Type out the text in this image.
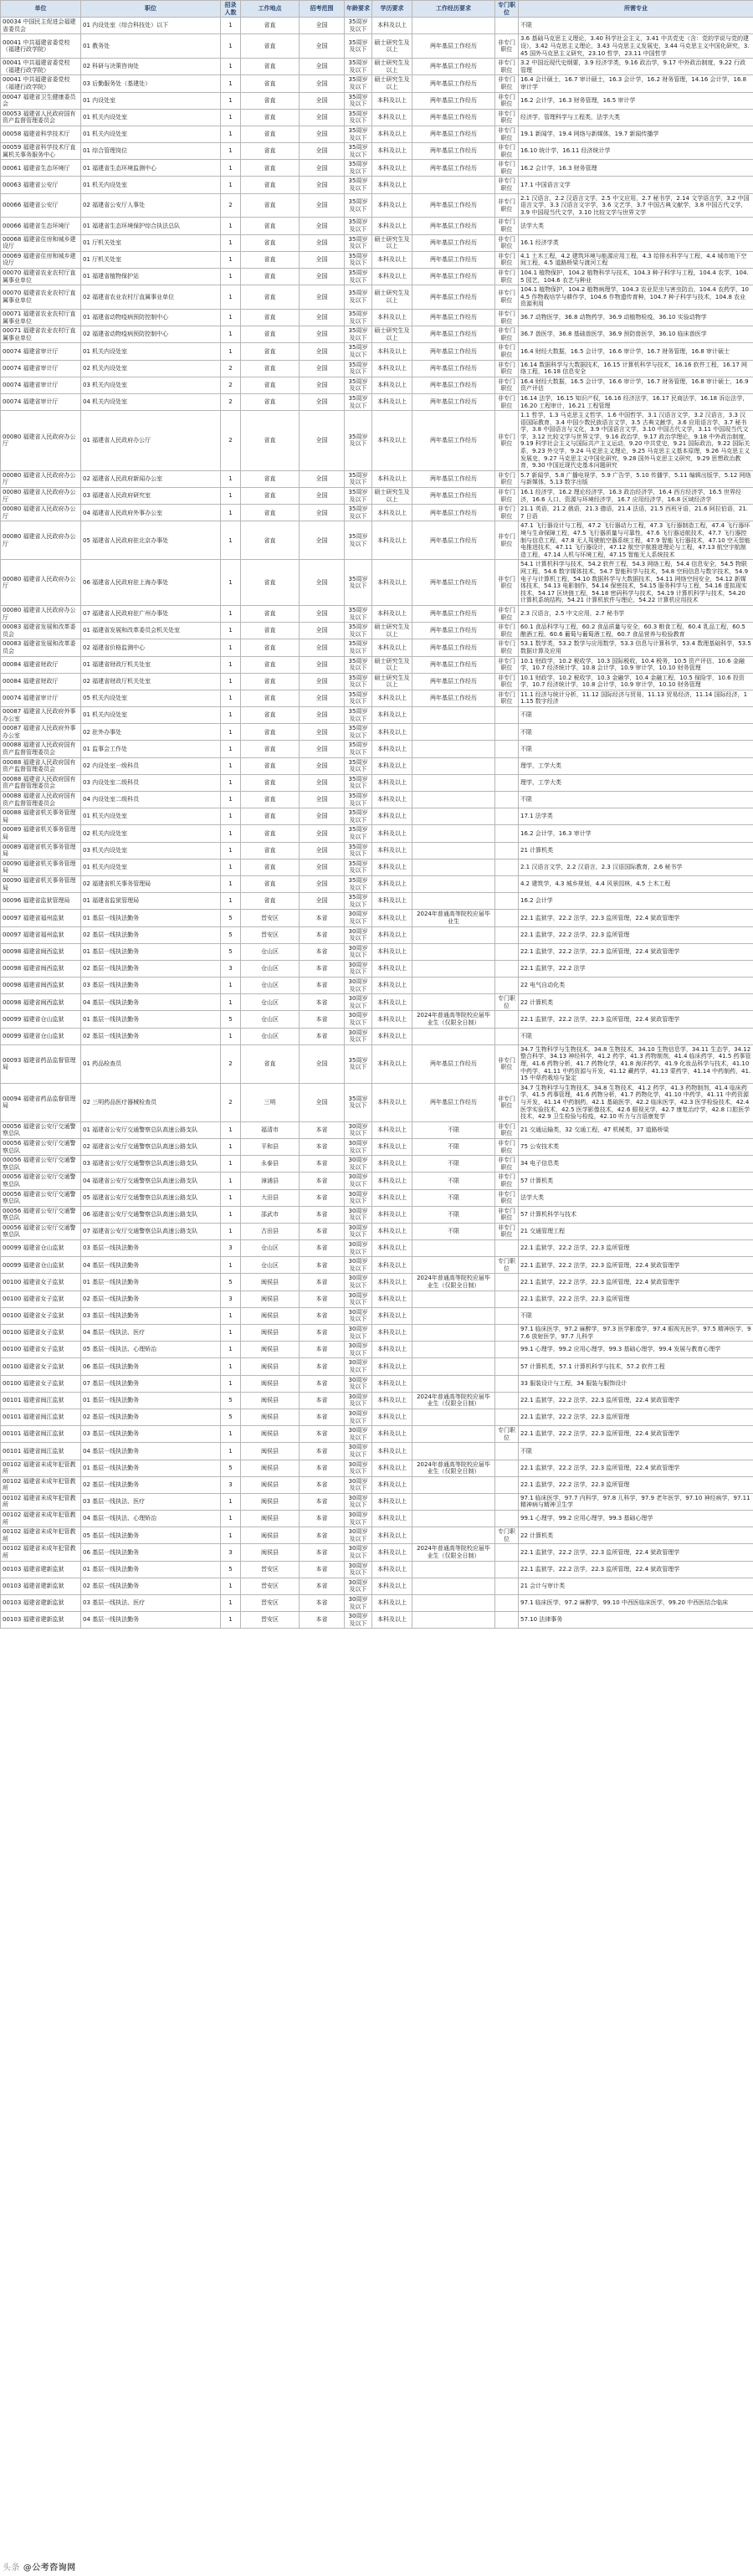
单位	职位	招录人数	工作地点	招考范围	年龄要求	学历要求	工作经历要求	专门职位	所需专业
00034 中国民主促进会福建省委员会	01 内设处室（综合科技处）以下	1	省直	全国	35周岁及以下	本科及以上			不限
00041 中共福建省委党校（福建行政学院）	01 教务处	1	省直	全国	35周岁及以下	硕士研究生及以上	两年基层工作经历	非专门职位	3.6 基础马克思主义理论，3.40 科学社会主义，3.41 中共党史（含：党的学说与党的建设），3.42 马克思主义理论，3.43 马克思主义发展史，3.44 马克思主义中国化研究，3.45 国外马克思主义研究，23.10 哲学，23.11 中国哲学
00041 中共福建省委党校（福建行政学院）	02 科研与决策咨询处	1	省直	全国	35周岁及以下	硕士研究生及以上	两年基层工作经历	非专门职位	3.2 中国近现代史纲要，3.9 经济学类，9.16 政治学，9.17 中外政治制度，9.22 行政管理
00041 中共福建省委党校（福建行政学院）	03 后勤服务处（基建处）	1	省直	全国	35周岁及以下	硕士研究生及以上	两年基层工作经历	非专门职位	16.4 会计硕士，16.7 审计硕士，16.3 会计学，16.2 财务管理，14.16 会计学，16.8 审计学
00047 福建省卫生健康委员会	01 内设处室	1	省直	全国	35周岁及以下	本科及以上	两年基层工作经历	非专门职位	16.2 会计学，16.3 财务管理，16.5 审计学
00053 福建省人民政府国有资产监督管理委员会	01 机关内设处室	1	省直	全国	35周岁及以下	本科及以上	两年基层工作经历	非专门职位	经济学，管理科学与工程类，法学大类
00058 福建省科学技术厅	01 机关内设处室	1	省直	全国	35周岁及以下	本科及以上	两年基层工作经历	非专门职位	19.1 新闻学，19.4 网络与新媒体，19.7 新闻传播学
00059 福建省科学技术厅直属机关事务服务中心	01 综合管理岗位	1	省直	全国	35周岁及以下	本科及以上	两年基层工作经历	非专门职位	16.10 统计学，16.11 经济统计学
00061 福建省生态环境厅	01 福建省生态环境监测中心	1	省直	全国	35周岁及以下	本科及以上	两年基层工作经历	非专门职位	16.2 会计学，16.3 财务管理
00063 福建省公安厅	01 机关内设处室	1	省直	全国	35周岁及以下	本科及以上		非专门职位	17.1 中国语言文学
00066 福建省公安厅	02 福建省公安厅人事处	2	省直	全国	35周岁及以下	本科及以上	两年基层工作经历	非专门职位	2.1 汉语言，2.2 汉语言文学，2.5 中文应用，2.7 秘书学，2.14 文学语言学，3.2 中国语言文学，3.3 汉语言文字学，3.6 文艺学，3.7 中国古典文献学，3.8 中国古代文学，3.9 中国现当代文学，3.10 比较文学与世界文学
00066 福建省生态环境厅	01 福建省生态环境保护综合执法总队	1	省直	全国	35周岁及以下	本科及以上	两年基层工作经历	非专门职位	法学大类
00068 福建省住房和城乡建设厅	01 厅机关处室	1	省直	全国	35周岁及以下	硕士研究生及以上	两年基层工作经历	非专门职位	16.1 经济学类
00069 福建省住房和城乡建设厅	01 厅机关处室	1	省直	全国	35周岁及以下	本科及以上	两年基层工作经历	非专门职位	4.1 土木工程，4.2 建筑环境与能源应用工程，4.3 给排水科学与工程，4.4 城市地下空间工程，4.5 道路桥梁与渡河工程
00070 福建省农业农村厅直属事业单位	01 福建省植物保护站	1	省直	全国	35周岁及以下	本科及以上	两年基层工作经历	非专门职位	104.1 植物保护，104.2 植物科学与技术，104.3 种子科学与工程，104.4 农学，104.5 园艺，104.6 农艺与种业
00070 福建省农业农村厅直属事业单位	02 福建省农业农村厅直属事业单位	1	省直	全国	35周岁及以下	硕士研究生及以上	两年基层工作经历	非专门职位	104.1 植物保护，104.2 植物病理学，104.3 农业昆虫与害虫防治，104.4 农药学，104.5 作物栽培学与耕作学，104.6 作物遗传育种，104.7 种子科学与技术，104.8 农业资源利用
00071 福建省农业农村厅直属事业单位	01 福建省动物疫病预防控制中心	1	省直	全国	35周岁及以下	本科及以上	两年基层工作经历	非专门职位	36.7 动物医学，36.8 动物药学，36.9 动植物检疫，36.10 实验动物学
00071 福建省农业农村厅直属事业单位	02 福建省动物疫病预防控制中心	1	省直	全国	35周岁及以下	硕士研究生及以上	两年基层工作经历	非专门职位	36.7 兽医学，36.8 基础兽医学，36.9 预防兽医学，36.10 临床兽医学
00074 福建省审计厅	01 机关内设处室	1	省直	全国	35周岁及以下	本科及以上	两年基层工作经历	非专门职位	16.4 财经大数据，16.5 会计学，16.6 审计学，16.7 财务管理，16.8 审计硕士
00074 福建省审计厅	02 机关内设处室	2	省直	全国	35周岁及以下	本科及以上	两年基层工作经历	非专门职位	16.14 数据科学与大数据技术，16.15 计算机科学与技术，16.16 软件工程，16.17 网络工程，16.18 信息安全
00074 福建省审计厅	03 机关内设处室	2	省直	全国	35周岁及以下	本科及以上	两年基层工作经历	非专门职位	16.4 财经大数据，16.5 会计学，16.6 审计学，16.7 财务管理，16.8 审计硕士，16.9 资产评估
00074 福建省审计厅	04 机关内设处室	2	省直	全国	35周岁及以下	本科及以上	两年基层工作经历	非专门职位	16.14 法学，16.15 知识产权，16.16 经济法学，16.17 民商法学，16.18 诉讼法学，16.20 工程审计，16.21 工程管理
00080 福建省人民政府办公厅	01 福建省人民政府办公厅	2	省直	全国	35周岁及以下	本科及以上	两年基层工作经历	非专门职位	1.1 哲学，1.3 马克思主义哲学，1.6 中国哲学，3.1 汉语言文学，3.2 汉语言，3.3 汉语国际教育，3.4 中国少数民族语言文学，3.5 古典文献学，3.6 应用语言学，3.7 秘书学，3.8 中国语言与文化，3.9 中国语言文学，3.10 中国古代文学，3.11 中国现当代文学，3.12 比较文学与世界文学，9.16 政治学，9.17 政治学理论，9.18 中外政治制度，9.19 科学社会主义与国际共产主义运动，9.20 中共党史，9.21 国际政治，9.22 国际关系，9.23 外交学，9.24 马克思主义理论，9.25 马克思主义基本原理，9.26 马克思主义发展史，9.27 马克思主义中国化研究，9.28 国外马克思主义研究，9.29 思想政治教育，9.30 中国近现代史基本问题研究
00080 福建省人民政府办公厅	02 福建省人民政府新闻办公室	1	省直	全国	35周岁及以下	本科及以上	两年基层工作经历	非专门职位	5.7 新闻学，5.8 广播电视学，5.9 广告学，5.10 传播学，5.11 编辑出版学，5.12 网络与新媒体，5.13 数字出版
00080 福建省人民政府办公厅	03 福建省人民政府研究室	1	省直	全国	35周岁及以下	硕士研究生及以上	两年基层工作经历	非专门职位	16.1 经济学，16.2 理论经济学，16.3 政治经济学，16.4 西方经济学，16.5 世界经济，16.6 人口、资源与环境经济学，16.7 应用经济学，16.8 区域经济学
00080 福建省人民政府办公厅	04 福建省人民政府外事办公室	1	省直	全国	35周岁及以下	本科及以上	两年基层工作经历	非专门职位	21.1 英语，21.2 俄语，21.3 德语，21.4 法语，21.5 西班牙语，21.6 阿拉伯语，21.7 日语
00080 福建省人民政府办公厅	05 福建省人民政府驻北京办事处	1	省直	全国	35周岁及以下	本科及以上	两年基层工作经历	非专门职位	47.1 飞行器设计与工程，47.2 飞行器动力工程，47.3 飞行器制造工程，47.4 飞行器环境与生命保障工程，47.5 飞行器质量与可靠性，47.6 飞行器适航技术，47.7 飞行器控制与信息工程，47.8 无人驾驶航空器系统工程，47.9 智能飞行器技术，47.10 空天智能电推进技术，47.11 飞行器设计，47.12 航空宇航推进理论与工程，47.13 航空宇航制造工程，47.14 人机与环境工程，47.15 智能无人系统技术
00080 福建省人民政府办公厅	06 福建省人民政府驻上海办事处	1	省直	全国	35周岁及以下	本科及以上	两年基层工作经历	非专门职位	54.1 计算机科学与技术，54.2 软件工程，54.3 网络工程，54.4 信息安全，54.5 物联网工程，54.6 数字媒体技术，54.7 智能科学与技术，54.8 空间信息与数字技术，54.9 电子与计算机工程，54.10 数据科学与大数据技术，54.11 网络空间安全，54.12 新媒体技术，54.13 电影制作，54.14 保密技术，54.15 服务科学与工程，54.16 虚拟现实技术，54.17 区块链工程，54.18 密码科学与技术，54.19 计算机科学与技术，54.20 计算机系统结构，54.21 计算机软件与理论，54.22 计算机应用技术
00080 福建省人民政府办公厅	07 福建省人民政府驻广州办事处	1	省直	全国	35周岁及以下	本科及以上	两年基层工作经历	非专门职位	2.3 汉语言，2.5 中文应用，2.7 秘书学
00083 福建省发展和改革委员会	01 福建省发展和改革委员会机关处室	1	省直	全国	35周岁及以下	硕士研究生及以上	两年基层工作经历	非专门职位	60.1 食品科学与工程，60.2 食品质量与安全，60.3 粮食工程，60.4 乳品工程，60.5 酿酒工程，60.6 葡萄与葡萄酒工程，60.7 食品营养与检验教育
00083 福建省发展和改革委员会	02 福建省价格监测中心	1	省直	全国	35周岁及以下	本科及以上	两年基层工作经历	非专门职位	53.1 数学类，53.2 数学与应用数学，53.3 信息与计算科学，53.4 数理基础科学，53.5 数据计算及应用
00084 福建省财政厅	01 福建省财政厅机关处室	1	省直	全国	35周岁及以下	硕士研究生及以上	两年基层工作经历	非专门职位	10.1 财政学，10.2 税收学，10.3 国际税收，10.4 税务，10.5 资产评估，10.6 金融学，10.7 经济统计学，10.8 会计学，10.9 审计学，10.10 财务管理
00084 福建省财政厅	02 福建省财政厅机关处室	1	省直	全国	35周岁及以下	硕士研究生及以上	两年基层工作经历	非专门职位	10.1 财政学，10.2 税收学，10.3 金融学，10.4 金融工程，10.5 保险学，10.6 投资学，10.7 经济统计学，10.8 会计学，10.9 审计学，10.10 财务管理
00074 福建省审计厅	05 机关内设处室	1	省直	全国	35周岁及以下	本科及以上	两年基层工作经历	非专门职位	11.1 经济与统计分析，11.12 国际经济与贸易，11.13 贸易经济，11.14 国际经济，11.15 数字经济
00087 福建省人民政府外事办公室	01 机关内设处室	1	省直	全国	35周岁及以下	本科及以上			不限
00087 福建省人民政府外事办公室	02 驻外办事处	1	省直	全国	35周岁及以下	本科及以上			不限
00088 福建省人民政府国有资产监督管理委员会	01 监事会工作处	1	省直	全国	35周岁及以下	本科及以上			不限
00088 福建省人民政府国有资产监督管理委员会	02 内设处室一级科员	1	省直	全国	35周岁及以下	本科及以上			理学，工学大类
00088 福建省人民政府国有资产监督管理委员会	03 内设处室二级科员	1	省直	全国	35周岁及以下	本科及以上			理学，工学大类
00088 福建省人民政府国有资产监督管理委员会	04 内设处室二级科员	1	省直	全国	35周岁及以下	本科及以上			不限
00088 福建省机关事务管理局	01 机关内设处室	1	省直	全国	35周岁及以下	本科及以上			17.1 法学类
00089 福建省机关事务管理局	02 机关内设处室	1	省直	全国	35周岁及以下	本科及以上			16.2 会计学，16.3 审计学
00089 福建省机关事务管理局	03 机关内设处室	1	省直	全国	35周岁及以下	本科及以上			21 计算机类
00090 福建省机关事务管理局	01 机关内设处室	1	省直	全国	35周岁及以下	本科及以上			2.1 汉语言文学，2.2 汉语言，2.3 汉语国际教育，2.6 秘书学
00090 福建省机关事务管理局	02 福建省机关事务管理局	1	省直	全国	35周岁及以下	本科及以上			4.2 建筑学，4.3 城乡规划，4.4 风景园林，4.5 土木工程
00096 福建省监狱管理局	01 福建省监狱管理局	1	省直	全国	35周岁及以下	本科及以上			16.2 会计学
00097 福建省福州监狱	01 基层一线执法勤务	5	晋安区	本省	30周岁及以下	本科及以上	2024年普通高等院校应届毕业生		22.1 监狱学，22.2 法学，22.3 监所管理，22.4 狱政管理学
00097 福建省福州监狱	02 基层一线执法勤务	5	晋安区	本省	30周岁及以下	本科及以上			22.1 监狱学，22.2 法学，22.3 监所管理
00098 福建省闽西监狱	01 基层一线执法勤务	5	仓山区	本省	30周岁及以下	本科及以上			22.1 监狱学，22.2 法学，22.3 监所管理，22.4 狱政管理学
00098 福建省闽西监狱	02 基层一线执法勤务	3	仓山区	本省	30周岁及以下	本科及以上			22.1 监狱学，22.2 法学
00098 福建省闽西监狱	03 基层一线执法勤务	1	仓山区	本省	30周岁及以下	本科及以上			22 电气自动化类
00098 福建省闽西监狱	04 基层一线执法勤务	1	仓山区	本省	30周岁及以下	本科及以上		专门职位	22 计算机类
00099 福建省仓山监狱	01 基层一线执法勤务	5	仓山区	本省	30周岁及以下	本科及以上	2024年普通高等院校应届毕业生（仅限全日制）		22.1 监狱学，22.2 法学，22.3 监所管理，22.4 狱政管理学
00099 福建省仓山监狱	02 基层一线执法勤务	1	仓山区	本省	30周岁及以下	本科及以上			不限
00093 福建省药品监督管理局	01 药品检查员	2	省直	全国	35周岁及以下	本科及以上	两年基层工作经历	非专门职位	34.7 生物科学与生物技术，34.8 生物技术，34.10 生物信息学，34.11 生态学，34.12 整合科学，34.13 神经科学，41.2 药学，41.3 药物制剂，41.4 临床药学，41.5 药事管理，41.6 药物分析，41.7 药物化学，41.8 海洋药学，41.9 化妆品科学与技术，41.10 中药学，41.11 中药资源与开发，41.12 藏药学，41.13 蒙药学，41.14 中药制药，41.15 中草药栽培与鉴定
00094 福建省药品监督管理局	02 三明药品医疗器械检查员	2	三明	全国	35周岁及以下	本科及以上	两年基层工作经历	非专门职位	34.7 生物科学与生物技术，34.8 生物技术，41.2 药学，41.3 药物制剂，41.4 临床药学，41.5 药事管理，41.6 药物分析，41.7 药物化学，41.10 中药学，41.11 中药资源与开发，41.14 中药制药，42.1 基础医学，42.2 临床医学，42.3 医学检验技术，42.4 医学实验技术，42.5 医学影像技术，42.6 眼视光学，42.7 康复治疗学，42.8 口腔医学技术，42.9 卫生检验与检疫，42.10 听力与言语康复学
00056 福建省公安厅交通警察总队	01 福建省公安厅交通警察总队高速公路支队	1	福清市	本省	30周岁及以下	本科及以上	不限	非专门职位	21 交通运输类，32 交通工程，47 机械类，37 道路桥梁
00056 福建省公安厅交通警察总队	02 福建省公安厅交通警察总队高速公路支队	1	平和县	本省	30周岁及以下	本科及以上	不限	非专门职位	75 公安技术类
00056 福建省公安厅交通警察总队	03 福建省公安厅交通警察总队高速公路支队	1	永泰县	本省	30周岁及以下	本科及以上	不限	非专门职位	34 电子信息类
00056 福建省公安厅交通警察总队	04 福建省公安厅交通警察总队高速公路支队	1	漳浦县	本省	30周岁及以下	本科及以上	不限	非专门职位	57 计算机类
00056 福建省公安厅交通警察总队	05 福建省公安厅交通警察总队高速公路支队	1	大田县	本省	30周岁及以下	本科及以上	不限	非专门职位	法学大类
00056 福建省公安厅交通警察总队	06 福建省公安厅交通警察总队高速公路支队	1	邵武市	本省	30周岁及以下	本科及以上	不限	非专门职位	57 计算机科学与技术
00056 福建省公安厅交通警察总队	07 福建省公安厅交通警察总队高速公路支队	1	古田县	本省	30周岁及以下	本科及以上	不限	非专门职位	21 交通管理工程
00099 福建省仓山监狱	03 基层一线执法勤务	3	仓山区	本省	30周岁及以下	本科及以上			22.1 监狱学，22.2 法学，22.3 监所管理
00099 福建省仓山监狱	04 基层一线执法勤务	1	仓山区	本省	30周岁及以下	本科及以上		专门职位	22.1 监狱学，22.2 法学，22.3 监所管理，22.4 狱政管理学
00100 福建省女子监狱	01 基层一线执法勤务	5	闽侯县	本省	30周岁及以下	本科及以上	2024年普通高等院校应届毕业生（仅限全日制）		22.1 监狱学，22.2 法学，22.3 监所管理，22.4 狱政管理学
00100 福建省女子监狱	02 基层一线执法勤务	3	闽侯县	本省	30周岁及以下	本科及以上			22.1 监狱学，22.2 法学，22.3 监所管理
00100 福建省女子监狱	03 基层一线执法勤务	1	闽侯县	本省	30周岁及以下	本科及以上			不限
00100 福建省女子监狱	04 基层一线执法、医疗	1	闽侯县	本省	30周岁及以下	本科及以上			97.1 临床医学，97.2 麻醉学，97.3 医学影像学，97.4 眼视光医学，97.5 精神医学，97.6 放射医学，97.7 儿科学
00100 福建省女子监狱	05 基层一线执法、心理矫治	1	闽侯县	本省	30周岁及以下	本科及以上			99.1 心理学，99.2 应用心理学，99.3 基础心理学，99.4 发展与教育心理学
00100 福建省女子监狱	06 基层一线执法勤务	1	闽侯县	本省	30周岁及以下	本科及以上			57 计算机类，57.1 计算机科学与技术，57.2 软件工程
00100 福建省女子监狱	07 基层一线执法勤务	1	闽侯县	本省	30周岁及以下	本科及以上			33 服装设计与工程，34 服装与服饰设计
00101 福建省闽江监狱	01 基层一线执法勤务	5	闽侯县	本省	30周岁及以下	本科及以上	2024年普通高等院校应届毕业生（仅限全日制）		22.1 监狱学，22.2 法学，22.3 监所管理，22.4 狱政管理学
00101 福建省闽江监狱	02 基层一线执法勤务	5	闽侯县	本省	30周岁及以下	本科及以上			22.1 监狱学，22.2 法学，22.3 监所管理
00101 福建省闽江监狱	03 基层一线执法勤务	1	闽侯县	本省	30周岁及以下	本科及以上		专门职位	22.1 监狱学，22.2 法学，22.3 监所管理，22.4 狱政管理学
00101 福建省闽江监狱	04 基层一线执法勤务	1	闽侯县	本省	30周岁及以下	本科及以上			不限
00102 福建省未成年犯管教所	01 基层一线执法勤务	5	闽侯县	本省	30周岁及以下	本科及以上	2024年普通高等院校应届毕业生（仅限全日制）		22.1 监狱学，22.2 法学，22.3 监所管理，22.4 狱政管理学
00102 福建省未成年犯管教所	02 基层一线执法勤务	3	闽侯县	本省	30周岁及以下	本科及以上			22.1 监狱学，22.2 法学，22.3 监所管理
00102 福建省未成年犯管教所	03 基层一线执法、医疗	1	闽侯县	本省	30周岁及以下	本科及以上			97.1 临床医学，97.7 内科学，97.8 儿科学，97.9 老年医学，97.10 神经病学，97.11 精神病与精神卫生学
00102 福建省未成年犯管教所	04 基层一线执法、心理矫治	1	闽侯县	本省	30周岁及以下	本科及以上			99.1 心理学，99.2 应用心理学，99.3 基础心理学
00102 福建省未成年犯管教所	05 基层一线执法勤务	1	闽侯县	本省	30周岁及以下	本科及以上		专门职位	22 计算机类
00102 福建省未成年犯管教所	06 基层一线执法勤务	3	闽侯县	本省	30周岁及以下	本科及以上	2024年普通高等院校应届毕业生（仅限全日制）		22.1 监狱学，22.2 法学，22.3 监所管理，22.4 狱政管理学
00103 福建省建新监狱	01 基层一线执法勤务	5	晋安区	本省	30周岁及以下	本科及以上			22.1 监狱学，22.2 法学，22.3 监所管理，22.4 狱政管理学
00103 福建省建新监狱	02 基层一线执法勤务	1	晋安区	本省	30周岁及以下	本科及以上			21 会计与审计类
00103 福建省建新监狱	03 基层一线执法、医疗	1	晋安区	本省	30周岁及以下	本科及以上			97.1 临床医学，97.2 麻醉学，99.10 中西医临床医学，99.20 中西医结合临床
00103 福建省建新监狱	04 基层一线执法勤务	1	晋安区	本省	30周岁及以下	本科及以上			57.10 法律事务
头条 @公考咨询网
